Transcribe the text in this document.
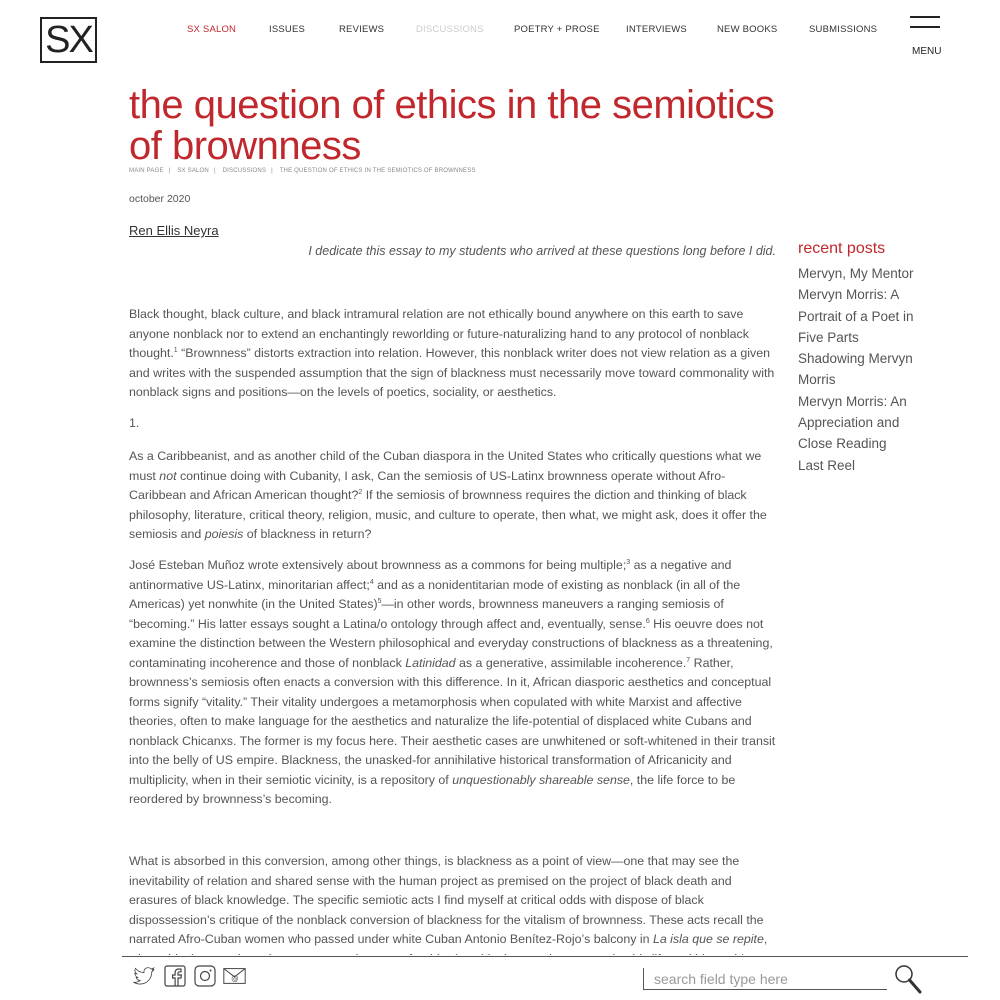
SX	SX SALON	ISSUES	REVIEWS	DISCUSSIONS	POETRY + PROSE	INTERVIEWS	NEW BOOKS	SUBMISSIONS
MENU
the question of ethics in the semiotics of brownness
MAIN PAGE | SX SALON | DISCUSSIONS | THE QUESTION OF ETHICS IN THE SEMIOTICS OF BROWNNESS
october 2020
Ren Ellis Neyra
I dedicate this essay to my students who arrived at these questions long before I did.

Black thought, black culture, and black intramural relation are not ethically bound anywhere on this earth to save anyone nonblack nor to extend an enchantingly reworlding or future-naturalizing hand to any protocol of nonblack thought.$^1$ “Brownness” distorts extraction into relation. However, this nonblack writer does not view relation as a given and writes with the suspended assumption that the sign of blackness must necessarily move toward commonality with nonblack signs and positions—on the levels of poetics, sociality, or aesthetics.

1.

As a Caribbeanist, and as another child of the Cuban diaspora in the United States who critically questions what we must not continue doing with Cubanity, I ask, Can the semiosis of US-Latinx brownness operate without Afro-Caribbean and African American thought?$^2$ If the semiosis of brownness requires the diction and thinking of black philosophy, literature, critical theory, religion, music, and culture to operate, then what, we might ask, does it offer the semiosis and poiesis of blackness in return?

José Esteban Muñoz wrote extensively about brownness as a commons for being multiple;$^3$ as a negative and antinormative US-Latinx, minoritarian affect;$^4$ and as a nonidentitarian mode of existing as nonblack (in all of the Americas) yet nonwhite (in the United States)$^5$—in other words, brownness maneuvers a ranging semiosis of “becoming.” His latter essays sought a Latina/o ontology through affect and, eventually, sense.$^6$ His oeuvre does not examine the distinction between the Western philosophical and everyday constructions of blackness as a threatening, contaminating incoherence and those of nonblack Latinidad as a generative, assimilable incoherence.$^7$ Rather, brownness’s semiosis often enacts a conversion with this difference. In it, African diasporic aesthetics and conceptual forms signify “vitality.” Their vitality undergoes a metamorphosis when copulated with white Marxist and affective theories, often to make language for the aesthetics and naturalize the life-potential of displaced white Cubans and nonblack Chicanxs. The former is my focus here. Their aesthetic cases are unwhitened or soft-whitened in their transit into the belly of US empire. Blackness, the unasked-for annihilative historical transformation of Africanicity and multiplicity, when in their semiotic vicinity, is a repository of unquestionably shareable sense, the life force to be reordered by brownness’s becoming.

What is absorbed in this conversion, among other things, is blackness as a point of view—one that may see the inevitability of relation and shared sense with the human project as premised on the project of black death and erasures of black knowledge. The specific semiotic acts I find myself at critical odds with dispose of black dispossession’s critique of the nonblack conversion of blackness for the vitalism of brownness. These acts recall the narrated Afro-Cuban women who passed under white Cuban Antonio Benítez-Rojo’s balcony in La isla que se repite,

recent posts
Mervyn, My Mentor
Mervyn Morris: A Portrait of a Poet in Five Parts
Shadowing Mervyn Morris
Mervyn Morris: An Appreciation and Close Reading
Last Reel
@
search field type here
